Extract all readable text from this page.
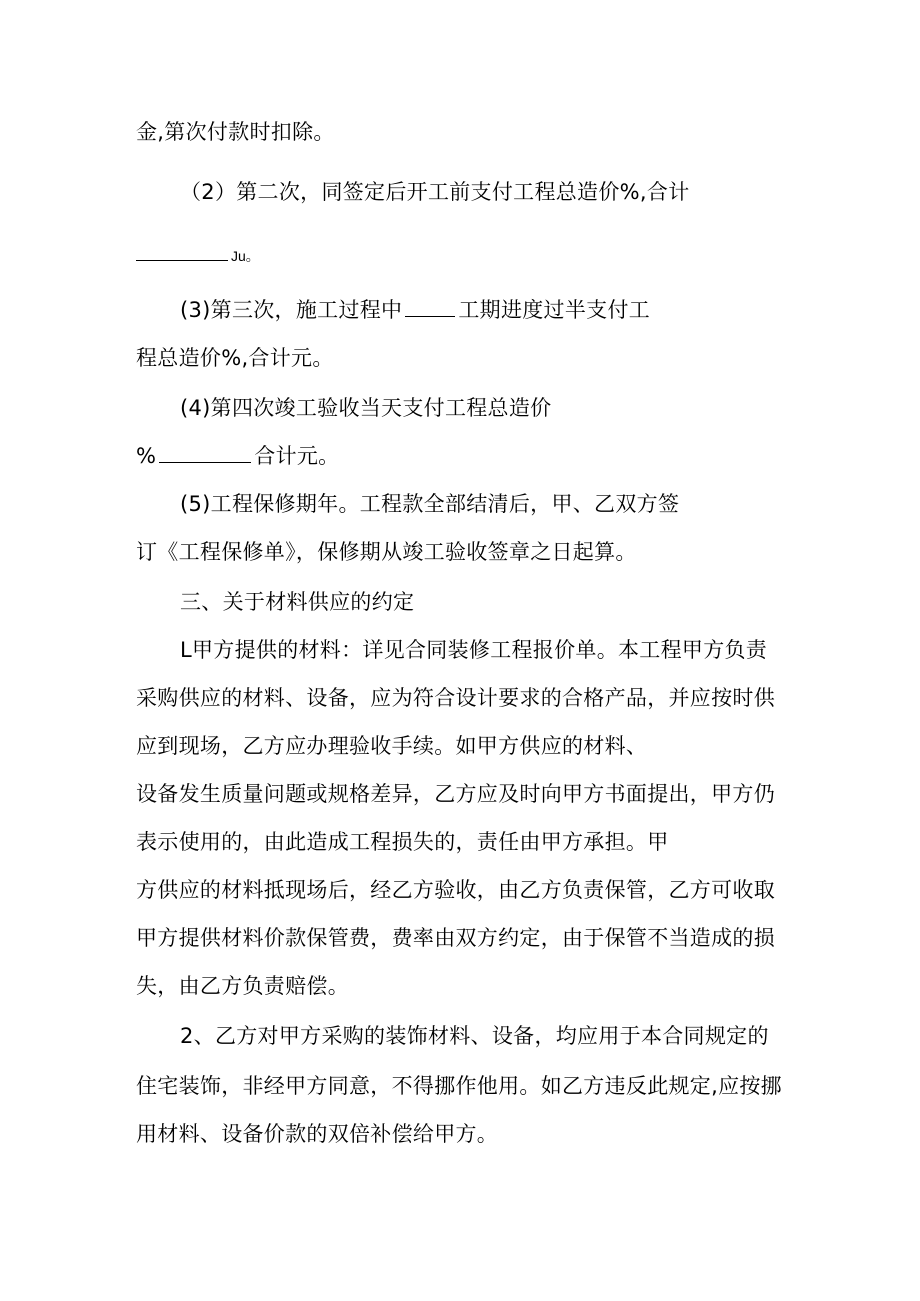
金,第次付款时扣除。
（2）第二次，同签定后开工前支付工程总造价%,合计
Ju。
(3)第三次，施工过程中	工期进度过半支付工
程总造价%,合计元。
(4)第四次竣工验收当天支付工程总造价
%	合计元。
(5)工程保修期年。工程款全部结清后，甲、乙双方签
订《工程保修单》，保修期从竣工验收签章之日起算。
三、关于材料供应的约定
L甲方提供的材料：详见合同装修工程报价单。本工程甲方负责
采购供应的材料、设备，应为符合设计要求的合格产品，并应按时供
应到现场，乙方应办理验收手续。如甲方供应的材料、
设备发生质量问题或规格差异，乙方应及时向甲方书面提出，甲方仍
表示使用的，由此造成工程损失的，责任由甲方承担。甲
方供应的材料抵现场后，经乙方验收，由乙方负责保管，乙方可收取
甲方提供材料价款保管费，费率由双方约定，由于保管不当造成的损
失，由乙方负责赔偿。
2、乙方对甲方采购的装饰材料、设备，均应用于本合同规定的
住宅装饰，非经甲方同意，不得挪作他用。如乙方违反此规定,应按挪
用材料、设备价款的双倍补偿给甲方。
